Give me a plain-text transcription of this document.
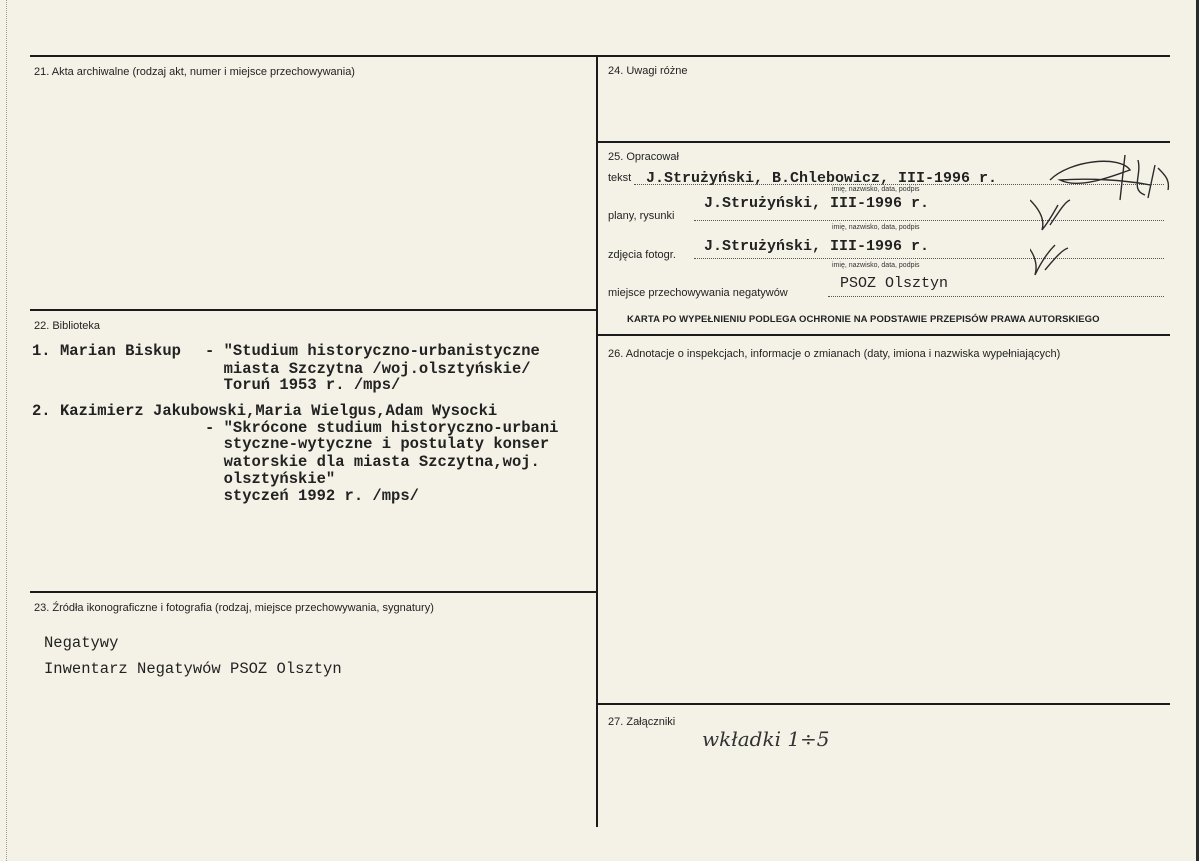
21. Akta archiwalne (rodzaj akt, numer i miejsce przechowywania)
22. Biblioteka
1. Marian Biskup - "Studium historyczno-urbanistyczne
miasta Szczytna /woj.olsztyńskie/
Toruń 1953 r. /mps/
2. Kazimierz Jakubowski,Maria Wielgus,Adam Wysocki
- "Skrócone studium historyczno-urbani
styczne-wytyczne i postulaty konser
watorskie dla miasta Szczytna,woj.
olsztyńskie"
styczeń 1992 r. /mps/
23. Źródła ikonograficzne i fotografia (rodzaj, miejsce przechowywania, sygnatury)
Negatywy
Inwentarz Negatywów PSOZ Olsztyn
24. Uwagi różne
25. Opracował
tekst J.Strużyński, B.Chlebowicz, III-1996 r.
imię, nazwisko, data, podpis
plany, rysunki
J.Strużyński, III-1996 r.
imię, nazwisko, data, podpis
zdjęcia fotogr. J.Strużyński, III-1996 r.
imię, nazwisko, data, podpis
miejsce przechowywania negatywów
PSOZ Olsztyn
KARTA PO WYPEŁNIENIU PODLEGA OCHRONIE NA PODSTAWIE PRZEPISÓW PRAWA AUTORSKIEGO
26. Adnotacje o inspekcjach, informacje o zmianach (daty, imiona i nazwiska wypełniających)
27. Załączniki
wkładki 1÷5
